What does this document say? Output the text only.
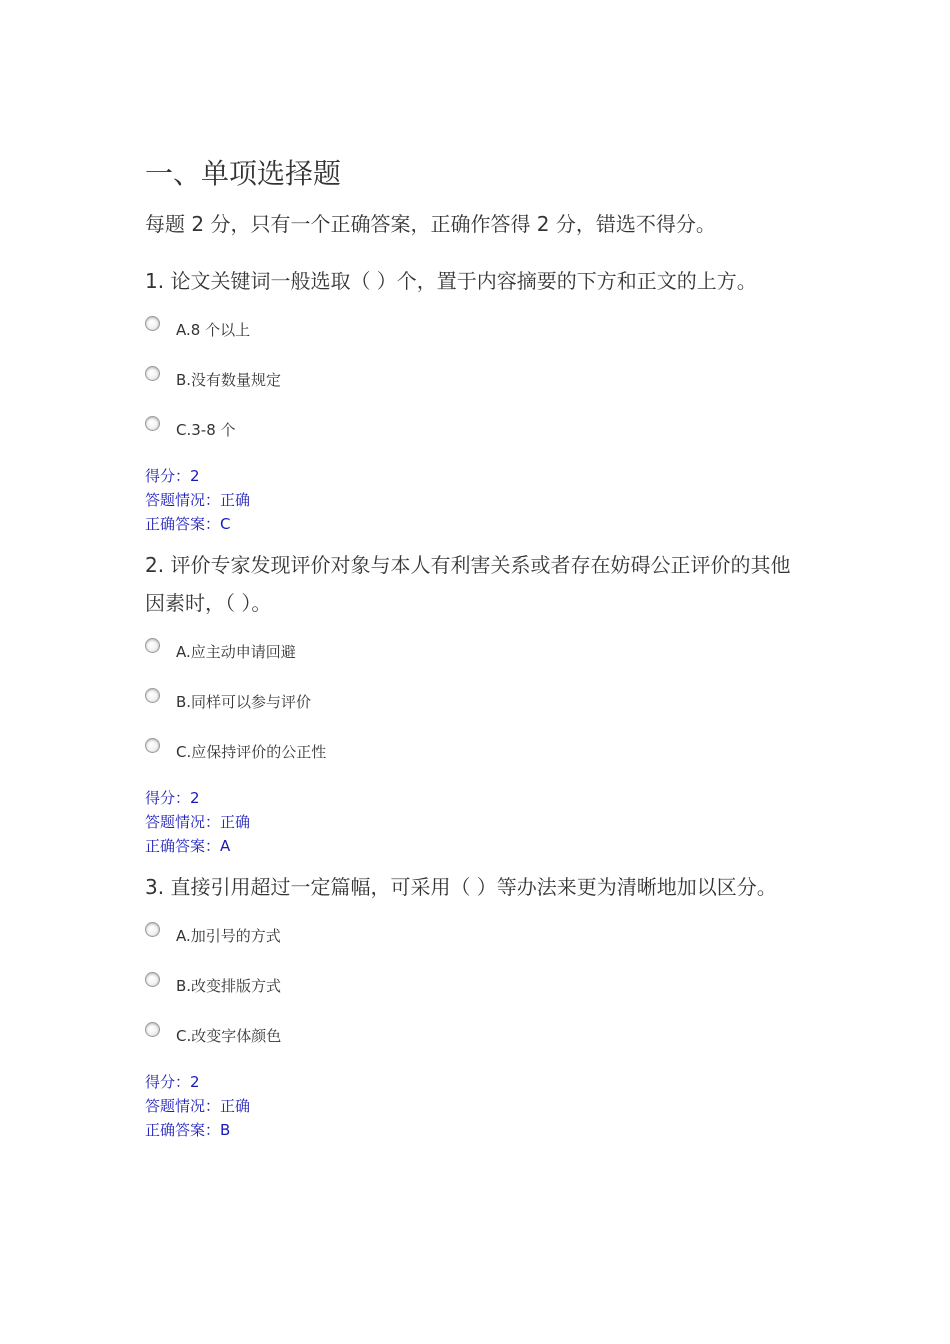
一、单项选择题

每题 2 分，只有一个正确答案，正确作答得 2 分，错选不得分。

1. 论文关键词一般选取（ ）个，置于内容摘要的下方和正文的上方。
A.8 个以上
B.没有数量规定
C.3-8 个
得分：2
答题情况：正确
正确答案：C
2. 评价专家发现评价对象与本人有利害关系或者存在妨碍公正评价的其他因素时，（ ）。
A.应主动申请回避
B.同样可以参与评价
C.应保持评价的公正性
得分：2
答题情况：正确
正确答案：A
3. 直接引用超过一定篇幅，可采用（ ）等办法来更为清晰地加以区分。
A.加引号的方式
B.改变排版方式
C.改变字体颜色
得分：2
答题情况：正确
正确答案：B
